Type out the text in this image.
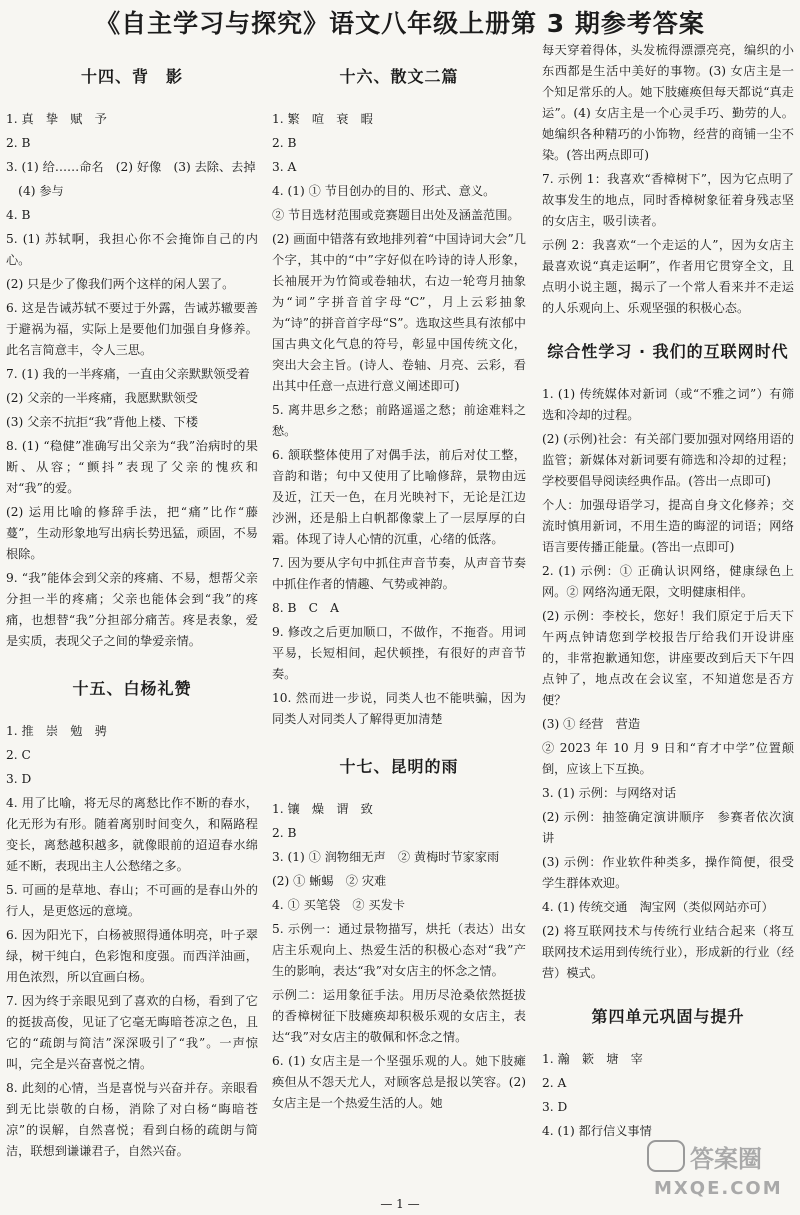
《自主学习与探究》语文八年级上册第 3 期参考答案
十四、背　影
1. 真　挚　赋　予
2. B
3. (1) 给……命名　(2) 好像　(3) 去除、去掉
　(4) 参与
4. B
5. (1) 苏轼啊，我担心你不会掩饰自己的内心。
(2) 只是少了像我们两个这样的闲人罢了。
6. 这是告诫苏轼不要过于外露，告诫苏辙要善于避祸为福，实际上是要他们加强自身修养。此名言简意丰，令人三思。
7. (1) 我的一半疼痛，一直由父亲默默领受着
(2) 父亲的一半疼痛，我愿默默领受
(3) 父亲不抗拒“我”背他上楼、下楼
8. (1) “稳健”准确写出父亲为“我”治病时的果断、从容；“颤抖”表现了父亲的愧疚和对“我”的爱。
(2) 运用比喻的修辞手法，把“痛”比作“藤蔓”，生动形象地写出病长势迅猛，顽固，不易根除。
9. “我”能体会到父亲的疼痛、不易，想帮父亲分担一半的疼痛；父亲也能体会到“我”的疼痛，也想替“我”分担部分痛苦。疼是表象，爱是实质，表现父子之间的挚爱亲情。
十五、白杨礼赞
1. 推　崇　勉　骋
2. C
3. D
4. 用了比喻，将无尽的离愁比作不断的春水，化无形为有形。随着离别时间变久，和隔路程变长，离愁越积越多，就像眼前的迢迢春水绵延不断，表现出主人公愁绪之多。
5. 可画的是草地、春山；不可画的是春山外的行人，是更悠远的意境。
6. 因为阳光下，白杨被照得通体明亮，叶子翠绿，树干纯白，色彩饱和度强。而西洋油画，用色浓烈，所以宜画白杨。
7. 因为终于亲眼见到了喜欢的白杨，看到了它的挺拔高俊，见证了它毫无晦暗苍凉之色，且它的“疏朗与简洁”深深吸引了“我”。一声惊叫，完全是兴奋喜悦之情。
8. 此刻的心情，当是喜悦与兴奋并存。亲眼看到无比崇敬的白杨，消除了对白杨“晦暗苍凉”的误解，自然喜悦；看到白杨的疏朗与简洁，联想到谦谦君子，自然兴奋。
十六、散文二篇
1. 繁　喧　衰　暇
2. B
3. A
4. (1) ① 节目创办的目的、形式、意义。
② 节目选材范围或竞赛题目出处及涵盖范围。
(2) 画面中错落有致地排列着“中国诗词大会”几个字，其中的“中”字好似在吟诗的诗人形象，长袖展开为竹简或卷轴状，右边一轮弯月抽象为“词”字拼音首字母“C”，月上云彩抽象为“诗”的拼音首字母“S”。选取这些具有浓郁中国古典文化气息的符号，彰显中国传统文化，突出大会主旨。(诗人、卷轴、月亮、云彩，看出其中任意一点进行意义阐述即可)
5. 离井思乡之愁；前路遥遥之愁；前途难料之愁。
6. 颔联整体使用了对偶手法，前后对仗工整，音韵和谐；句中又使用了比喻修辞，景物由远及近，江天一色，在月光映衬下，无论是江边沙洲，还是船上白帆都像蒙上了一层厚厚的白霜。体现了诗人心情的沉重，心绪的低落。
7. 因为要从字句中抓住声音节奏，从声音节奏中抓住作者的情趣、气势或神韵。
8. B　C　A
9. 修改之后更加顺口，不做作，不拖沓。用词平易，长短相间，起伏顿挫，有很好的声音节奏。
10. 然而进一步说，同类人也不能哄骗，因为同类人对同类人了解得更加清楚
十七、昆明的雨
1. 镶　燥　谓　致
2. B
3. (1) ① 润物细无声　② 黄梅时节家家雨
(2) ① 蜥蜴　② 灾难
4. ① 买笔袋　② 买发卡
5. 示例一：通过景物描写，烘托（表达）出女店主乐观向上、热爱生活的积极心态对“我”产生的影响，表达“我”对女店主的怀念之情。
示例二：运用象征手法。用历尽沧桑依然挺拔的香樟树征下肢瘫痪却积极乐观的女店主，表达“我”对女店主的敬佩和怀念之情。
6. (1) 女店主是一个坚强乐观的人。她下肢瘫痪但从不怨天尤人，对顾客总是报以笑容。(2) 女店主是一个热爱生活的人。她
每天穿着得体，头发梳得漂漂亮亮，编织的小东西都是生活中美好的事物。(3) 女店主是一个知足常乐的人。她下肢瘫痪但每天都说“真走运”。(4) 女店主是一个心灵手巧、勤劳的人。她编织各种精巧的小饰物，经营的商铺一尘不染。(答出两点即可)
7. 示例 1：我喜欢“香樟树下”，因为它点明了故事发生的地点，同时香樟树象征着身残志坚的女店主，吸引读者。
示例 2：我喜欢“一个走运的人”，因为女店主最喜欢说“真走运啊”，作者用它贯穿全文，且点明小说主题，揭示了一个常人看来并不走运的人乐观向上、乐观坚强的积极心态。
综合性学习 · 我们的互联网时代
1. (1) 传统媒体对新词（或“不雅之词”）有筛选和冷却的过程。
(2) (示例)社会：有关部门要加强对网络用语的监管；新媒体对新词要有筛选和冷却的过程；学校要倡导阅读经典作品。(答出一点即可)
个人：加强母语学习，提高自身文化修养；交流时慎用新词，不用生造的晦涩的词语；网络语言要传播正能量。(答出一点即可)
2. (1) 示例：① 正确认识网络，健康绿色上网。② 网络沟通无限，文明健康相伴。
(2) 示例：李校长，您好！我们原定于后天下午两点钟请您到学校报告厅给我们开设讲座的，非常抱歉通知您，讲座要改到后天下午四点钟了，地点改在会议室，不知道您是否方便？
(3) ① 经营　营造
② 2023 年 10 月 9 日和“育才中学”位置颠倒，应该上下互换。
3. (1) 示例：与网络对话
(2) 示例：抽签确定演讲顺序　参赛者依次演讲
(3) 示例：作业软件种类多，操作简便，很受学生群体欢迎。
4. (1) 传统交通　淘宝网（类似网站亦可）
(2) 将互联网技术与传统行业结合起来（将互联网技术运用到传统行业），形成新的行业（经营）模式。
第四单元巩固与提升
1. 瀚　簌　塘　宰
2. A
3. D
4. (1) 都行信义事情
— 1 —
答案圈
MXQE.COM
